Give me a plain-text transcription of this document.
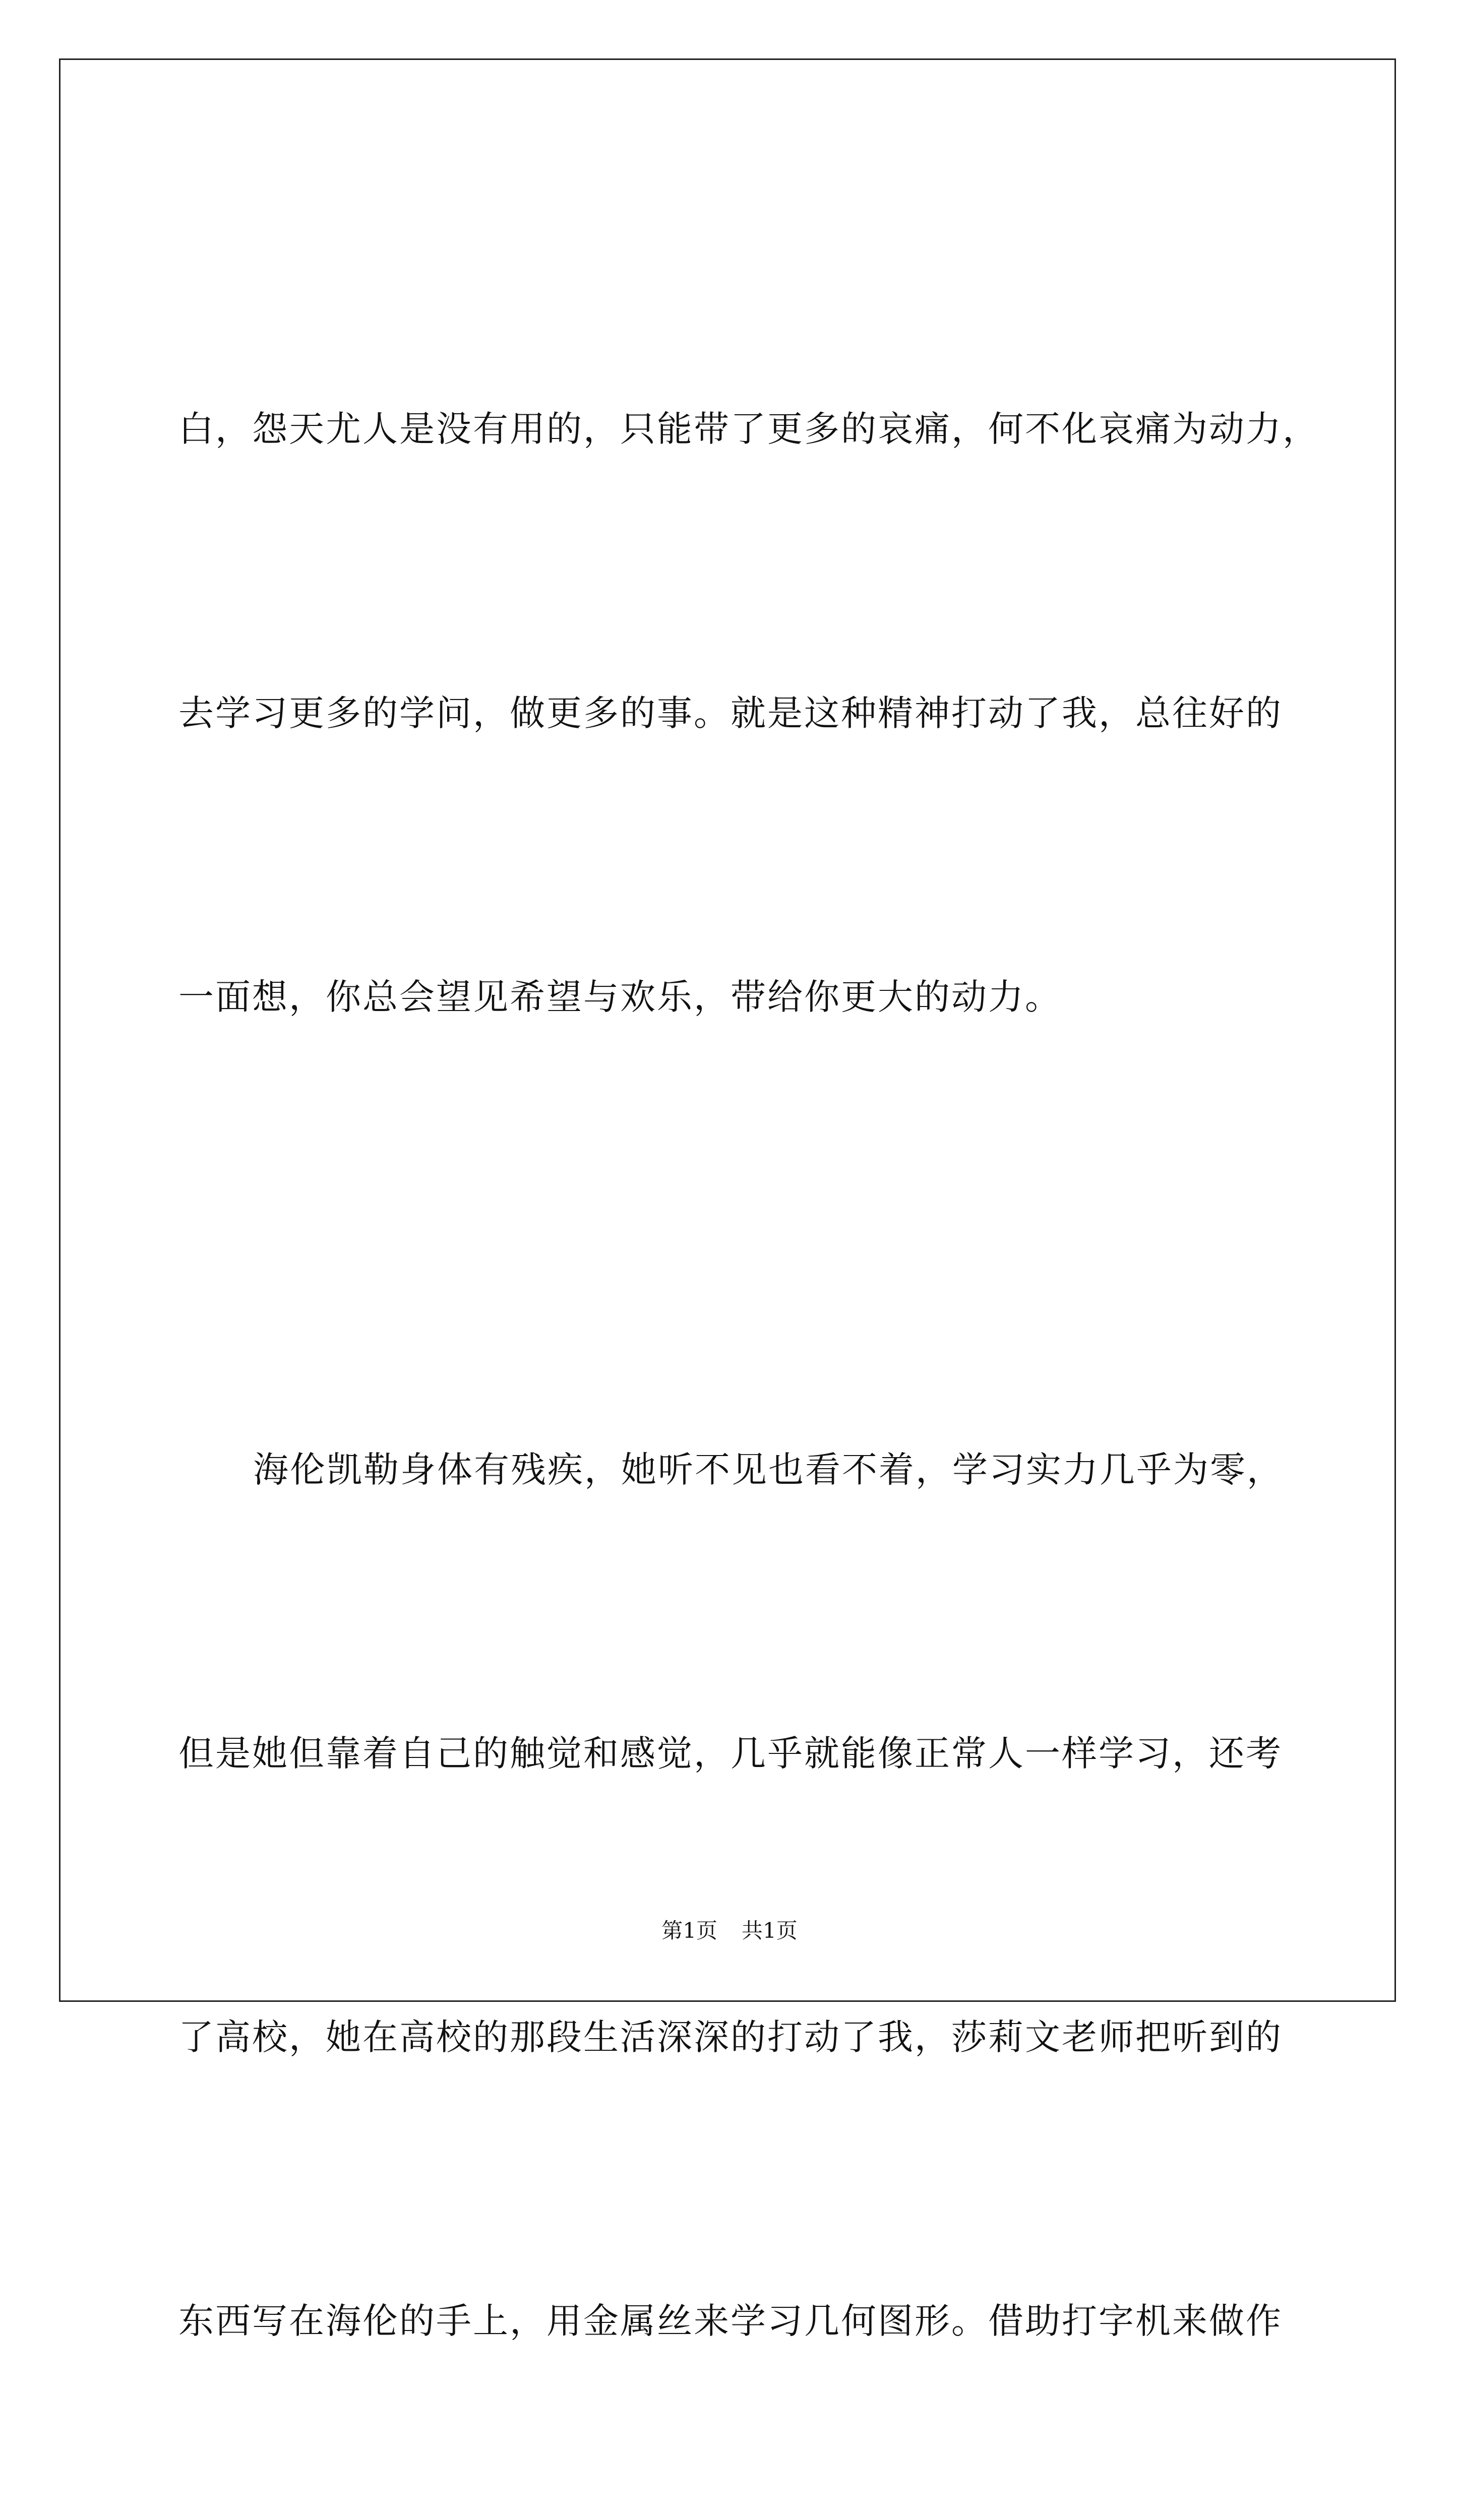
白，怨天尤人是没有用的，只能带了更多的哀痛，何不化哀痛为动力，

去学习更多的学问，做更多的事。就是这种精神打动了我，总往好的

一面想，你总会望见希望与欢乐，带给你更大的动力。

海伦凯勒身体有残疾，她听不见也看不着，学习实力几乎为零，

但是她但靠着自己的触觉和感觉，几乎就能像正常人一样学习，还考

了高校，她在高校的那段生活深深的打动了我，莎莉文老师把听到的

东西写在海伦的手上，用金属丝来学习几何图形。借助打字机来做作

第1页 共1页
